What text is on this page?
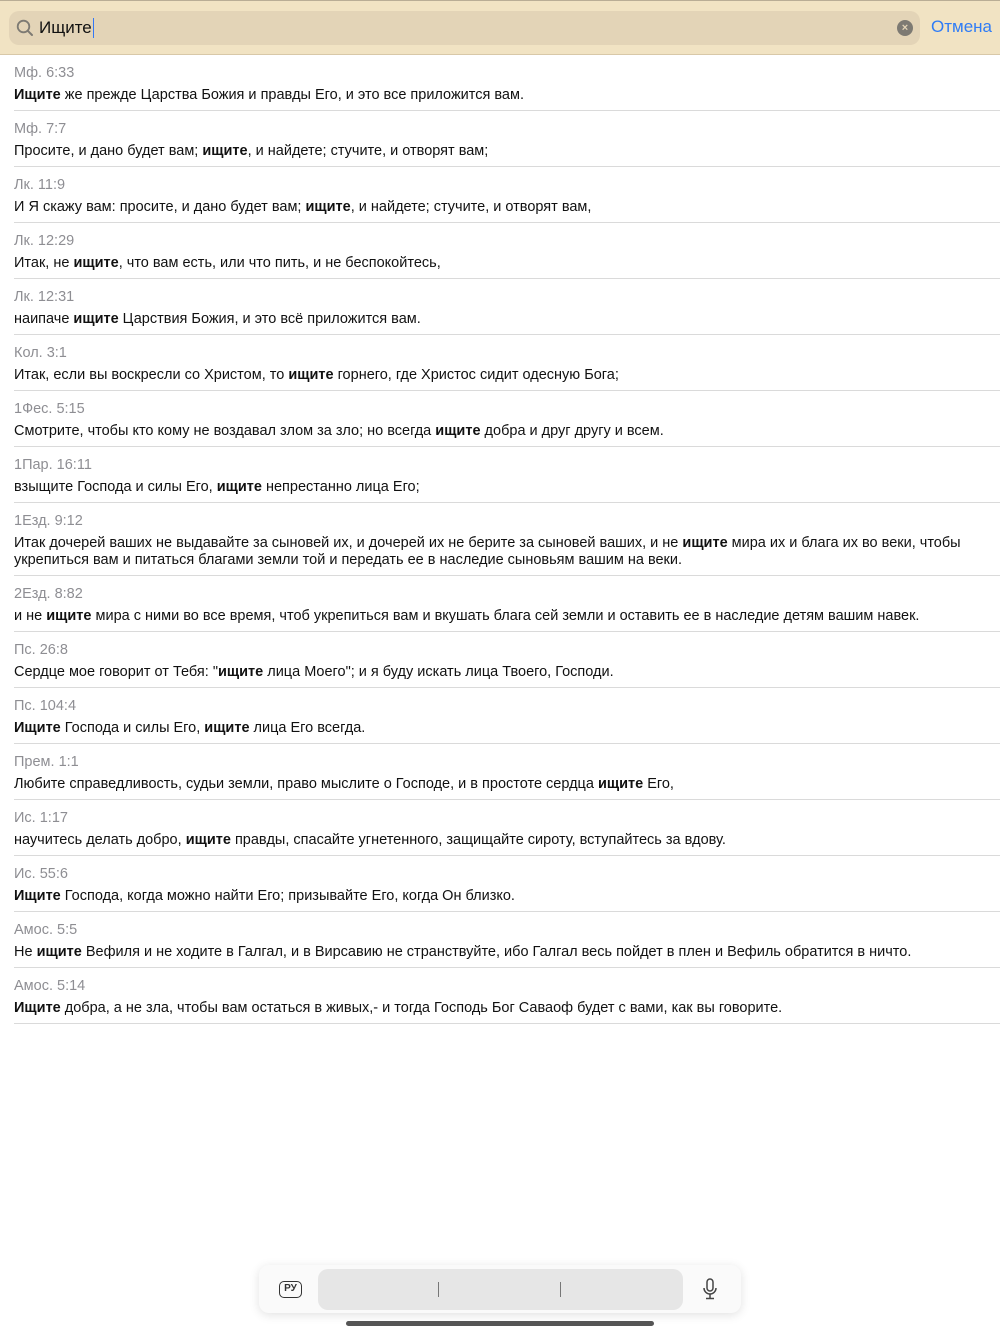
Ищите	× Отмена
Мф. 6:33
Ищите же прежде Царства Божия и правды Его, и это все приложится вам.
Мф. 7:7
Просите, и дано будет вам; ищите, и найдете; стучите, и отворят вам;
Лк. 11:9
И Я скажу вам: просите, и дано будет вам; ищите, и найдете; стучите, и отворят вам,
Лк. 12:29
Итак, не ищите, что вам есть, или что пить, и не беспокойтесь,
Лк. 12:31
наипаче ищите Царствия Божия, и это всё приложится вам.
Кол. 3:1
Итак, если вы воскресли со Христом, то ищите горнего, где Христос сидит одесную Бога;
1Фес. 5:15
Смотрите, чтобы кто кому не воздавал злом за зло; но всегда ищите добра и друг другу и всем.
1Пар. 16:11
взыщите Господа и силы Его, ищите непрестанно лица Его;
1Езд. 9:12
Итак дочерей ваших не выдавайте за сыновей их, и дочерей их не берите за сыновей ваших, и не ищите мира их и блага их во веки, чтобы укрепиться вам и питаться благами земли той и передать ее в наследие сыновьям вашим на веки.
2Езд. 8:82
и не ищите мира с ними во все время, чтоб укрепиться вам и вкушать блага сей земли и оставить ее в наследие детям вашим навек.
Пс. 26:8
Сердце мое говорит от Тебя: "ищите лица Моего"; и я буду искать лица Твоего, Господи.
Пс. 104:4
Ищите Господа и силы Его, ищите лица Его всегда.
Прем. 1:1
Любите справедливость, судьи земли, право мыслите о Господе, и в простоте сердца ищите Его,
Ис. 1:17
научитесь делать добро, ищите правды, спасайте угнетенного, защищайте сироту, вступайтесь за вдову.
Ис. 55:6
Ищите Господа, когда можно найти Его; призывайте Его, когда Он близко.
Амос. 5:5
Не ищите Вефиля и не ходите в Галгал, и в Вирсавию не странствуйте, ибо Галгал весь пойдет в плен и Вефиль обратится в ничто.
Амос. 5:14
Ищите добра, а не зла, чтобы вам остаться в живых,- и тогда Господь Бог Саваоф будет с вами, как вы говорите.
РУ
